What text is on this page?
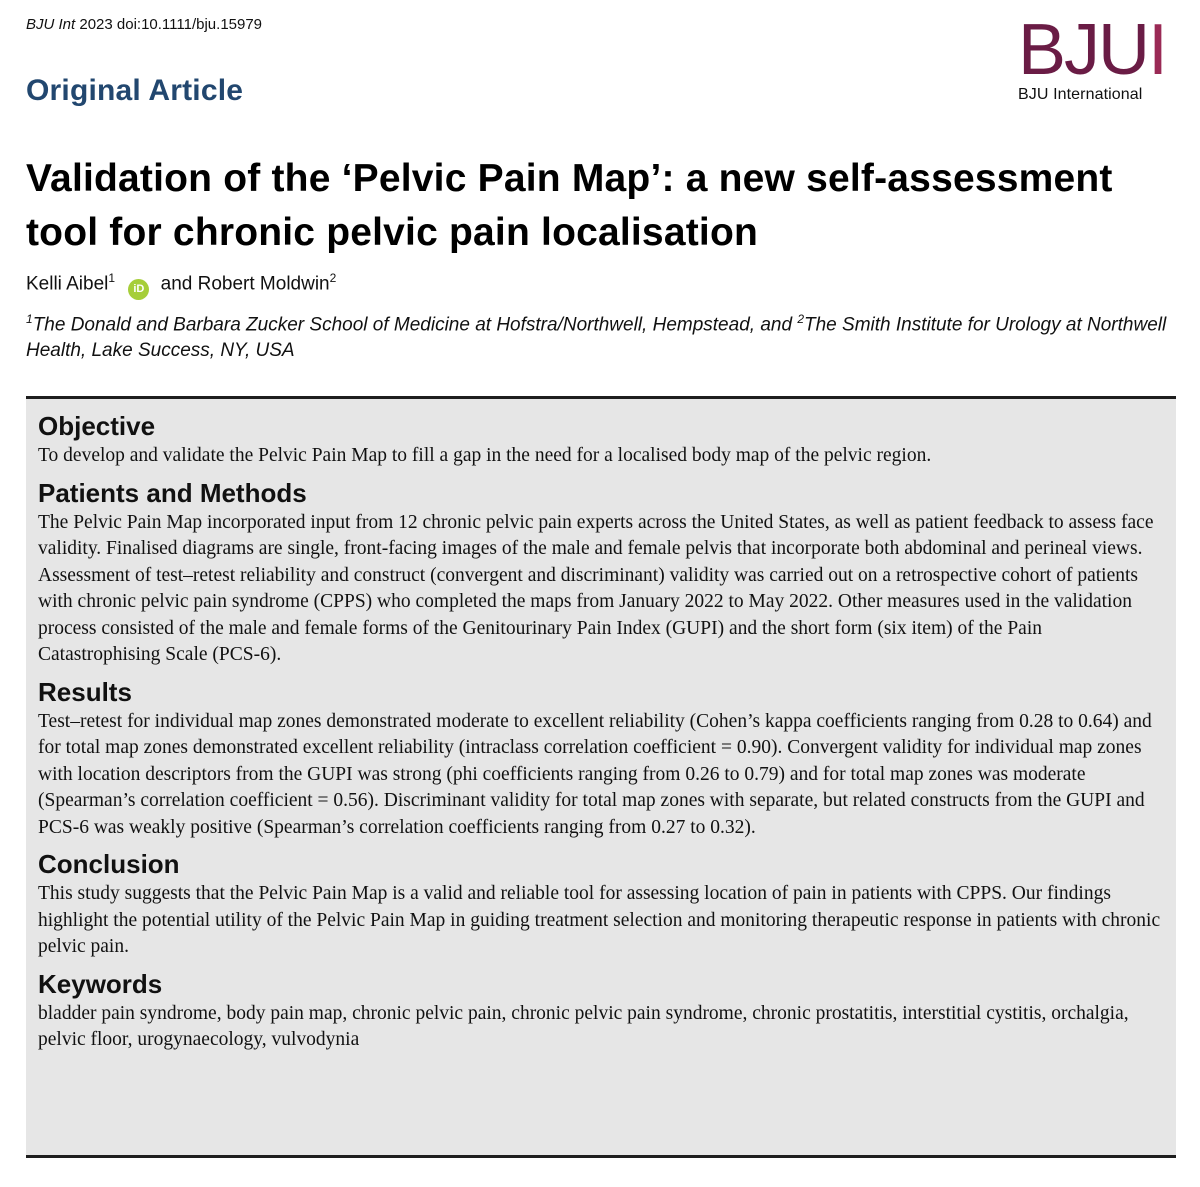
BJU Int 2023 doi:10.1111/bju.15979

Original Article
BJUI
BJU International
Validation of the ‘Pelvic Pain Map’: a new self-assessment tool for chronic pelvic pain localisation

Kelli Aibel$^1$ iD and Robert Moldwin$^2$

$^1$The Donald and Barbara Zucker School of Medicine at Hofstra/Northwell, Hempstead, and $^2$The Smith Institute for Urology at Northwell Health, Lake Success, NY, USA

Objective

To develop and validate the Pelvic Pain Map to fill a gap in the need for a localised body map of the pelvic region.

Patients and Methods

The Pelvic Pain Map incorporated input from 12 chronic pelvic pain experts across the United States, as well as patient feedback to assess face validity. Finalised diagrams are single, front-facing images of the male and female pelvis that incorporate both abdominal and perineal views. Assessment of test–retest reliability and construct (convergent and discriminant) validity was carried out on a retrospective cohort of patients with chronic pelvic pain syndrome (CPPS) who completed the maps from January 2022 to May 2022. Other measures used in the validation process consisted of the male and female forms of the Genitourinary Pain Index (GUPI) and the short form (six item) of the Pain Catastrophising Scale (PCS-6).

Results

Test–retest for individual map zones demonstrated moderate to excellent reliability (Cohen’s kappa coefficients ranging from 0.28 to 0.64) and for total map zones demonstrated excellent reliability (intraclass correlation coefficient = 0.90). Convergent validity for individual map zones with location descriptors from the GUPI was strong (phi coefficients ranging from 0.26 to 0.79) and for total map zones was moderate (Spearman’s correlation coefficient = 0.56). Discriminant validity for total map zones with separate, but related constructs from the GUPI and PCS-6 was weakly positive (Spearman’s correlation coefficients ranging from 0.27 to 0.32).

Conclusion

This study suggests that the Pelvic Pain Map is a valid and reliable tool for assessing location of pain in patients with CPPS. Our findings highlight the potential utility of the Pelvic Pain Map in guiding treatment selection and monitoring therapeutic response in patients with chronic pelvic pain.

Keywords

bladder pain syndrome, body pain map, chronic pelvic pain, chronic pelvic pain syndrome, chronic prostatitis, interstitial cystitis, orchalgia, pelvic floor, urogynaecology, vulvodynia
